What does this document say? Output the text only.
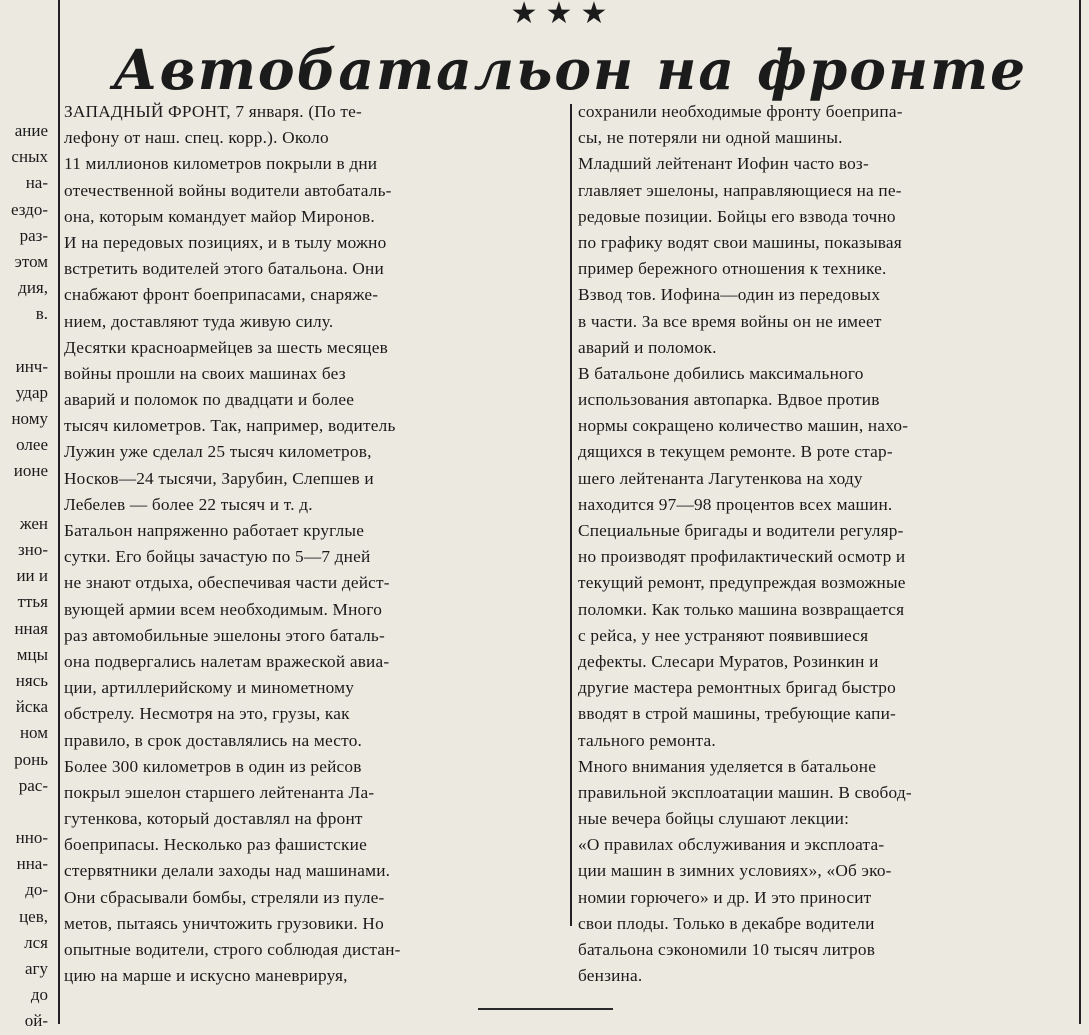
★★★
Автобатальон на фронте
ание
сных
на-
ездо-
раз-
этом
дия,
в.
инч-
удар
ному
олее
ионе
жен
зно-
ии и
ттья
нная
мцы
нясь
йска
ном
ронь
рас-
нно-
нна-
до-
цев,
лся
агу
до
ой-
ЗАПАДНЫЙ ФРОНТ, 7 января. (По те-
лефону от наш. спец. корр.). Около
11 миллионов километров покрыли в дни
отечественной войны водители автобаталь-
она, которым командует майор Миронов.
И на передовых позициях, и в тылу можно
встретить водителей этого батальона. Они
снабжают фронт боеприпасами, снаряже-
нием, доставляют туда живую силу.
Десятки красноармейцев за шесть месяцев
войны прошли на своих машинах без
аварий и поломок по двадцати и более
тысяч километров. Так, например, водитель
Лужин уже сделал 25 тысяч километров,
Носков—24 тысячи, Зарубин, Слепшев и
Лебелев — более 22 тысяч и т. д.
Батальон напряженно работает круглые
сутки. Его бойцы зачастую по 5—7 дней
не знают отдыха, обеспечивая части дейст-
вующей армии всем необходимым. Много
раз автомобильные эшелоны этого баталь-
она подвергались налетам вражеской авиа-
ции, артиллерийскому и минометному
обстрелу. Несмотря на это, грузы, как
правило, в срок доставлялись на место.
Более 300 километров в один из рейсов
покрыл эшелон старшего лейтенанта Ла-
гутенкова, который доставлял на фронт
боеприпасы. Несколько раз фашистские
стервятники делали заходы над машинами.
Они сбрасывали бомбы, стреляли из пуле-
метов, пытаясь уничтожить грузовики. Но
опытные водители, строго соблюдая дистан-
цию на марше и искусно маневрируя,
сохранили необходимые фронту боеприпа-
сы, не потеряли ни одной машины.
Младший лейтенант Иофин часто воз-
главляет эшелоны, направляющиеся на пе-
редовые позиции. Бойцы его взвода точно
по графику водят свои машины, показывая
пример бережного отношения к технике.
Взвод тов. Иофина—один из передовых
в части. За все время войны он не имеет
аварий и поломок.
В батальоне добились максимального
использования автопарка. Вдвое против
нормы сокращено количество машин, нахо-
дящихся в текущем ремонте. В роте стар-
шего лейтенанта Лагутенкова на ходу
находится 97—98 процентов всех машин.
Специальные бригады и водители регуляр-
но производят профилактический осмотр и
текущий ремонт, предупреждая возможные
поломки. Как только машина возвращается
с рейса, у нее устраняют появившиеся
дефекты. Слесари Муратов, Розинкин и
другие мастера ремонтных бригад быстро
вводят в строй машины, требующие капи-
тального ремонта.
Много внимания уделяется в батальоне
правильной эксплоатации машин. В свобод-
ные вечера бойцы слушают лекции:
«О правилах обслуживания и эксплоата-
ции машин в зимних условиях», «Об эко-
номии горючего» и др. И это приносит
свои плоды. Только в декабре водители
батальона сэкономили 10 тысяч литров
бензина.
